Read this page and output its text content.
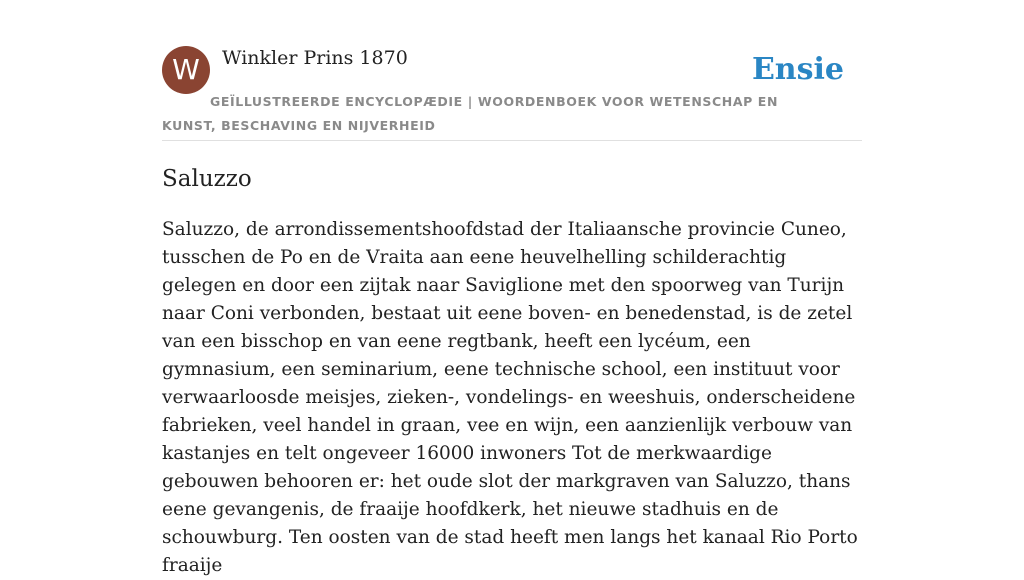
W	Winkler Prins 1870	Ensie
GEÏLLUSTREERDE ENCYCLOPÆDIE | WOORDENBOEK VOOR WETENSCHAP EN KUNST, BESCHAVING EN NIJVERHEID
Saluzzo

Saluzzo, de arrondissementshoofdstad der Italiaansche provincie Cuneo, tusschen de Po en de Vraita aan eene heuvelhelling schilderachtig gelegen en door een zijtak naar Saviglione met den spoorweg van Turijn naar Coni verbonden, bestaat uit eene boven- en benedenstad, is de zetel van een bisschop en van eene regtbank, heeft een lycéum, een gymnasium, een seminarium, eene technische school, een instituut voor verwaarloosde meisjes, zieken-, vondelings- en weeshuis, onderscheidene fabrieken, veel handel in graan, vee en wijn, een aanzienlijk verbouw van kastanjes en telt ongeveer 16000 inwoners Tot de merkwaardige gebouwen behooren er: het oude slot der markgraven van Saluzzo, thans eene gevangenis, de fraaije hoofdkerk, het nieuwe stadhuis en de schouwburg. Ten oosten van de stad heeft men langs het kanaal Rio Porto fraaije
